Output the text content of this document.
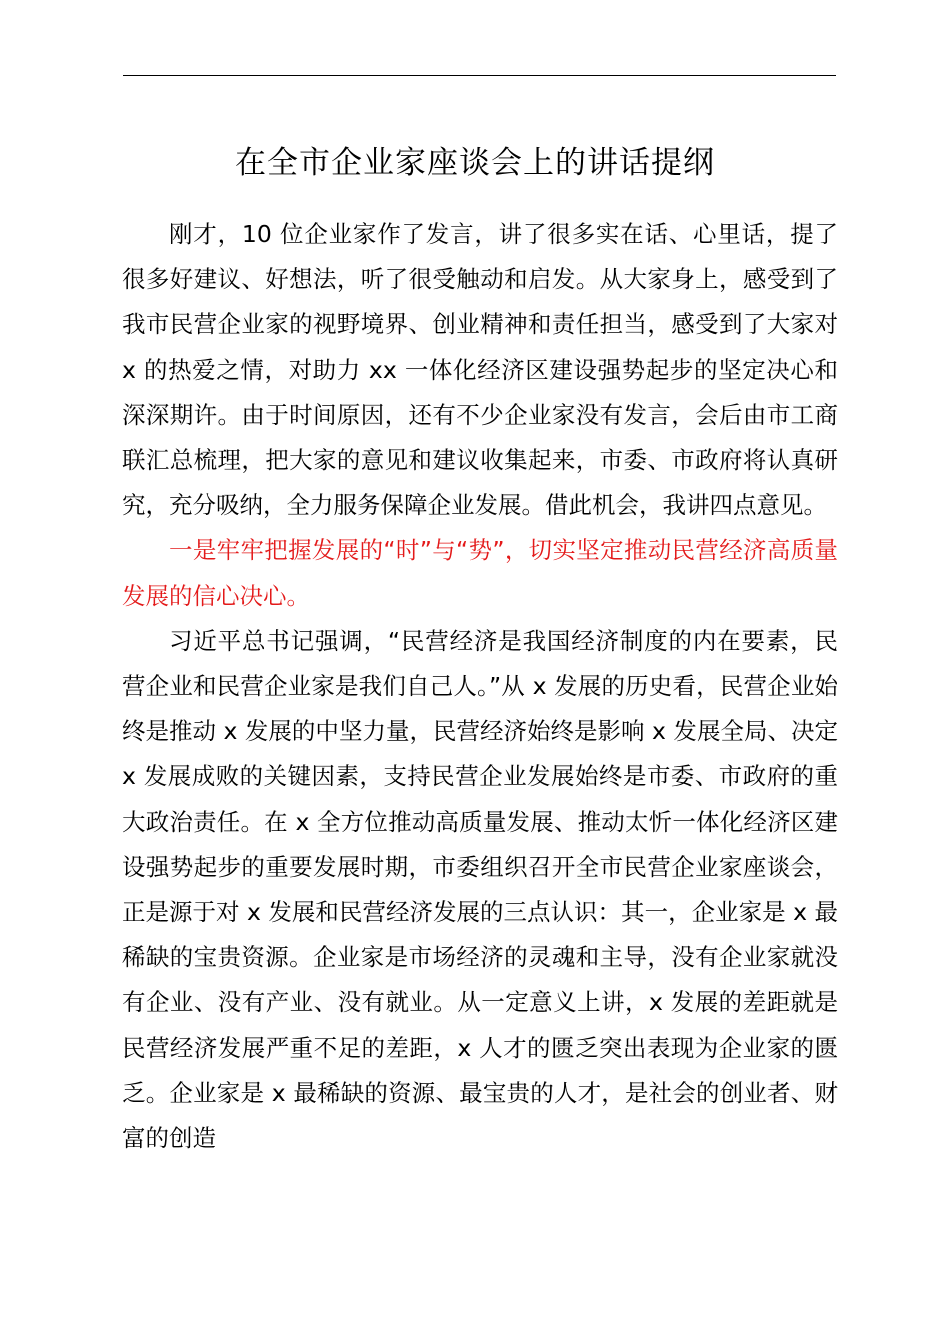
在全市企业家座谈会上的讲话提纲

刚才，10 位企业家作了发言，讲了很多实在话、心里话，提了很多好建议、好想法，听了很受触动和启发。从大家身上，感受到了我市民营企业家的视野境界、创业精神和责任担当，感受到了大家对 x 的热爱之情，对助力 xx 一体化经济区建设强势起步的坚定决心和深深期许。由于时间原因，还有不少企业家没有发言，会后由市工商联汇总梳理，把大家的意见和建议收集起来，市委、市政府将认真研究，充分吸纳，全力服务保障企业发展。借此机会，我讲四点意见。

一是牢牢把握发展的“时”与“势”，切实坚定推动民营经济高质量发展的信心决心。

习近平总书记强调，“民营经济是我国经济制度的内在要素，民营企业和民营企业家是我们自己人。”从 x 发展的历史看，民营企业始终是推动 x 发展的中坚力量，民营经济始终是影响 x 发展全局、决定 x 发展成败的关键因素，支持民营企业发展始终是市委、市政府的重大政治责任。在 x 全方位推动高质量发展、推动太忻一体化经济区建设强势起步的重要发展时期，市委组织召开全市民营企业家座谈会，正是源于对 x 发展和民营经济发展的三点认识：其一，企业家是 x 最稀缺的宝贵资源。企业家是市场经济的灵魂和主导，没有企业家就没有企业、没有产业、没有就业。从一定意义上讲，x 发展的差距就是民营经济发展严重不足的差距，x 人才的匮乏突出表现为企业家的匮乏。企业家是 x 最稀缺的资源、最宝贵的人才，是社会的创业者、财富的创造
